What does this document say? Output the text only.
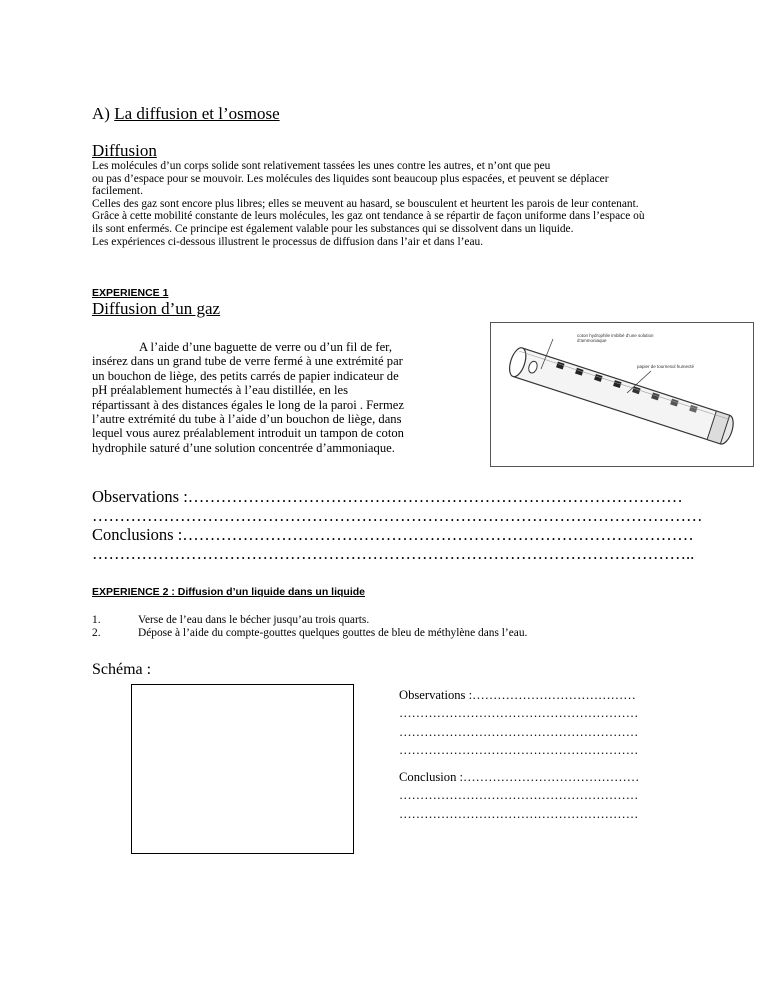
A) La diffusion et l’osmose
Diffusion
Les molécules d’un corps solide sont relativement tassées les unes contre les autres, et n’ont que peu
ou pas d’espace pour se mouvoir. Les molécules des liquides sont beaucoup plus espacées, et peuvent se déplacer
facilement.
Celles des gaz sont encore plus libres; elles se meuvent au hasard, se bousculent et heurtent les parois de leur contenant.
Grâce à cette mobilité constante de leurs molécules, les gaz ont tendance à se répartir de façon uniforme dans l’espace où
ils sont enfermés. Ce principe est également valable pour les substances qui se dissolvent dans un liquide.
Les expériences ci-dessous illustrent le processus de diffusion dans l’air et dans l’eau.
EXPERIENCE 1
Diffusion d’un gaz
A l’aide d’une baguette de verre ou d’un fil de fer,
insérez dans un grand tube de verre fermé à une extrémité par
un bouchon de liège, des petits carrés de papier indicateur de
pH préalablement humectés à l’eau distillée, en les
répartissant à des distances égales le long de la paroi . Fermez
l’autre extrémité du tube à l’aide d’un bouchon de liège, dans
lequel vous aurez préalablement introduit un tampon de coton
hydrophile saturé d’une solution concentrée d’ammoniaque.
coton hydrophile imbibé d’une solution d’ammoniaque
papier de tournesol humecté
Observations :………………………………………………………………………………
…………………………………………………………………………………………………
Conclusions :…………………………………………………………………………………
………………………………………………………………………………………………..
EXPERIENCE 2 : Diffusion d’un liquide dans un liquide
1.	Verse de l’eau dans le bécher jusqu’au trois quarts.
2.	Dépose à l’aide du compte-gouttes quelques gouttes de bleu de méthylène dans l’eau.
Schéma :
Observations :…………………………………
…………………………………………………
…………………………………………………
…………………………………………………
Conclusion :……………………………………
…………………………………………………
…………………………………………………
